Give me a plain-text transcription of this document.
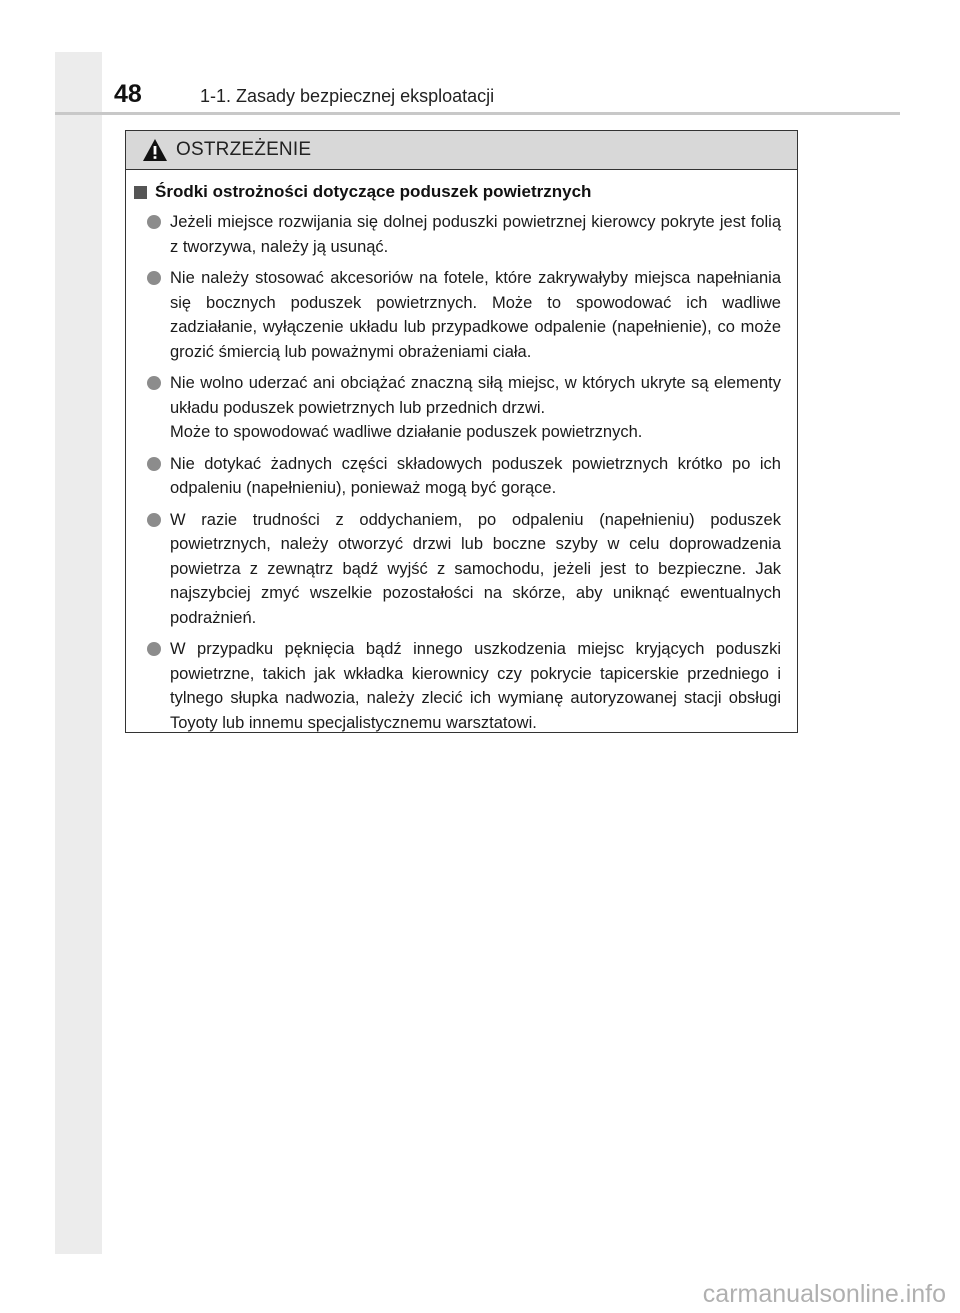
48	1-1. Zasady bezpiecznej eksploatacji
OSTRZEŻENIE
Środki ostrożności dotyczące poduszek powietrznych
Jeżeli miejsce rozwijania się dolnej poduszki powietrznej kierowcy pokryte jest folią z tworzywa, należy ją usunąć.
Nie należy stosować akcesoriów na fotele, które zakrywałyby miejsca napełniania się bocznych poduszek powietrznych. Może to spowodować ich wadliwe zadziałanie, wyłączenie układu lub przypadkowe odpalenie (napełnienie), co może grozić śmiercią lub poważnymi obrażeniami ciała.
Nie wolno uderzać ani obciążać znaczną siłą miejsc, w których ukryte są elementy układu poduszek powietrznych lub przednich drzwi.
Może to spowodować wadliwe działanie poduszek powietrznych.
Nie dotykać żadnych części składowych poduszek powietrznych krótko po ich odpaleniu (napełnieniu), ponieważ mogą być gorące.
W razie trudności z oddychaniem, po odpaleniu (napełnieniu) poduszek powietrznych, należy otworzyć drzwi lub boczne szyby w celu doprowadzenia powietrza z zewnątrz bądź wyjść z samochodu, jeżeli jest to bezpieczne. Jak najszybciej zmyć wszelkie pozostałości na skórze, aby uniknąć ewentualnych podrażnień.
W przypadku pęknięcia bądź innego uszkodzenia miejsc kryjących poduszki powietrzne, takich jak wkładka kierownicy czy pokrycie tapicerskie przedniego i tylnego słupka nadwozia, należy zlecić ich wymianę autoryzowanej stacji obsługi Toyoty lub innemu specjalistycznemu warsztatowi.
carmanualsonline.info
